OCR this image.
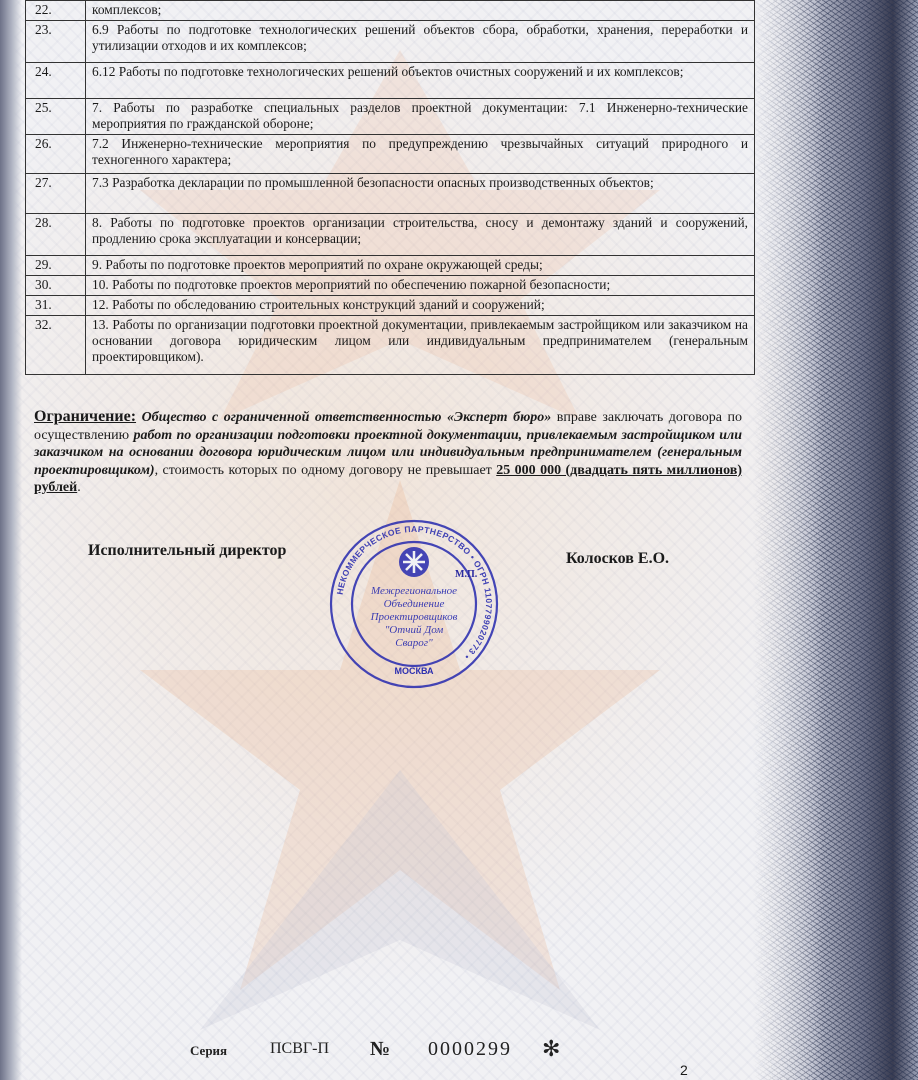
22.	комплексов;
23.	6.9 Работы по подготовке технологических решений объектов сбора, обработки, хранения, переработки и утилизации отходов и их комплексов;
24.	6.12 Работы по подготовке технологических решений объектов очистных сооружений и их комплексов;
25.	7. Работы по разработке специальных разделов проектной документации: 7.1 Инженерно-технические мероприятия по гражданской обороне;
26.	7.2 Инженерно-технические мероприятия по предупреждению чрезвычайных ситуаций природного и техногенного характера;
27.	7.3 Разработка декларации по промышленной безопасности опасных производственных объектов;
28.	8. Работы по подготовке проектов организации строительства, сносу и демонтажу зданий и сооружений, продлению срока эксплуатации и консервации;
29.	9. Работы по подготовке проектов мероприятий по охране окружающей среды;
30.	10. Работы по подготовке проектов мероприятий по обеспечению пожарной безопасности;
31.	12. Работы по обследованию строительных конструкций зданий и сооружений;
32.	13. Работы по организации подготовки проектной документации, привлекаемым застройщиком или заказчиком на основании договора юридическим лицом или индивидуальным предпринимателем (генеральным проектировщиком).
Ограничение: Общество с ограниченной ответственностью «Эксперт бюро» вправе заключать договора по осуществлению работ по организации подготовки проектной документации, привлекаемым застройщиком или заказчиком на основании договора юридическим лицом или индивидуальным предпринимателем (генеральным проектировщиком), стоимость которых по одному договору не превышает 25 000 000 (двадцать пять миллионов) рублей.
Исполнительный директор	Колосков Е.О.
НЕКОММЕРЧЕСКОЕ ПАРТНЕРСТВО • ОГРН 1107799020773 •
МОСКВА
Межрегиональное
Объединение
Проектировщиков
"Отчий Дом
Сварог"
М.П.
Серия	ПСВГ-П № 0000299 ✻
2
